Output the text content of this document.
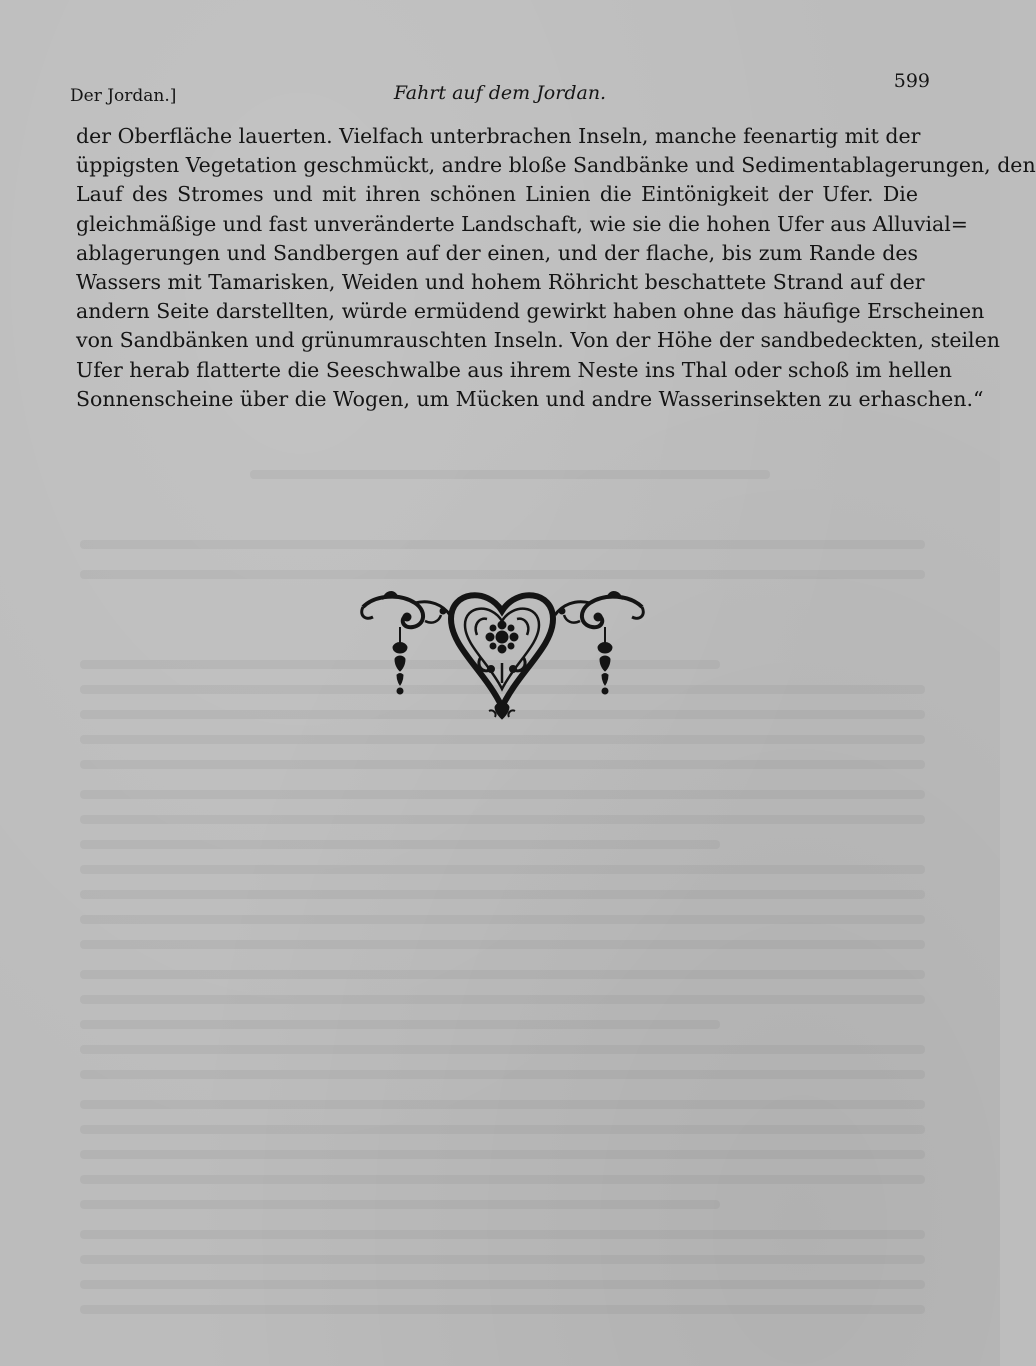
Der Jordan.]	Fahrt auf dem Jordan.
599
der Oberfläche lauerten. Vielfach unterbrachen Inseln, manche feenartig mit der
üppigsten Vegetation geschmückt, andre bloße Sandbänke und Sedimentablagerungen, den
Lauf des Stromes und mit ihren schönen Linien die Eintönigkeit der Ufer. Die
gleichmäßige und fast unveränderte Landschaft, wie sie die hohen Ufer aus Alluvial=
ablagerungen und Sandbergen auf der einen, und der flache, bis zum Rande des
Wassers mit Tamarisken, Weiden und hohem Röhricht beschattete Strand auf der
andern Seite darstellten, würde ermüdend gewirkt haben ohne das häufige Erscheinen
von Sandbänken und grünumrauschten Inseln. Von der Höhe der sandbedeckten, steilen
Ufer herab flatterte die Seeschwalbe aus ihrem Neste ins Thal oder schoß im hellen
Sonnenscheine über die Wogen, um Mücken und andre Wasserinsekten zu erhaschen.“
